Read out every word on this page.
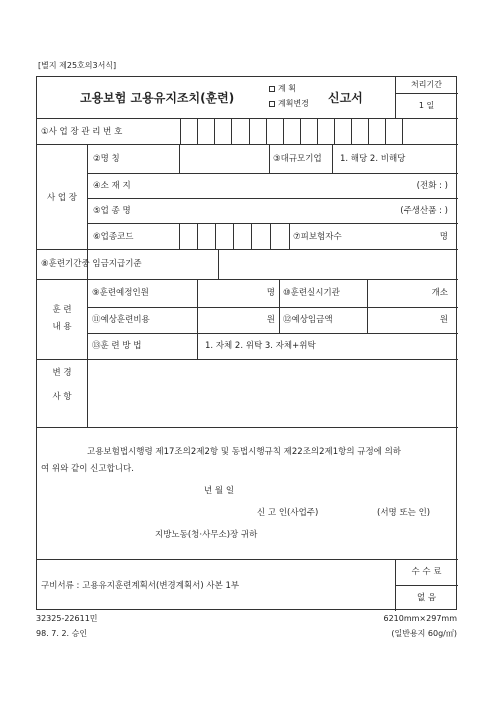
[별지 제25호의3서식]
고용보험 고용유지조치(훈련)
계 획
계획변경 신고서
처리기간
1 일
①사 업 장 관 리 번 호
사 업 장
②명 칭	③대규모기업 1. 해당 2. 비해당
④소 재 지	(전화 : )
⑤업 종 명	(주생산품 : )
⑥업종코드	⑦피보험자수	명
⑧훈련기간중 임금지급기준
훈 련
내 용
⑨훈련예정인원	명 ⑩훈련실시기관	개소
⑪예상훈련비용	원 ⑫예상임금액	원
⑬훈 련 방 법	1. 자체 2. 위탁 3. 자체+위탁
변 경
사 항
고용보험법시행령 제17조의2제2항 및 동법시행규칙 제22조의2제1항의 규정에 의하
여 위와 같이 신고합니다.
년 월 일
신 고 인(사업주)	(서명 또는 인)
지방노동(청·사무소)장 귀하
구비서류 : 고용유지훈련계획서(변경계획서) 사본 1부
수 수 료
없 음
32325-22611민
98. 7. 2. 승인
6210mm×297mm
(일반용지 60g/㎡)
